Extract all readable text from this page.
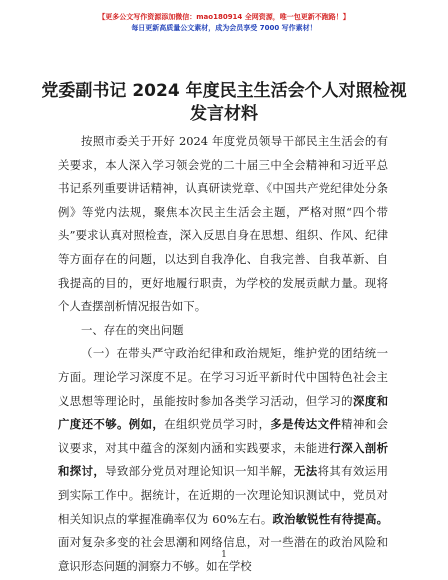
【更多公文写作资源添加微信：mao180914 全网资源，唯一包更新不跑路！】
每日更新高质量公文素材，成为会员享受 7000 写作素材！
党委副书记 2024 年度民主生活会个人对照检视发言材料

按照市委关于开好 2024 年度党员领导干部民主生活会的有关要求，本人深入学习领会党的二十届三中全会精神和习近平总书记系列重要讲话精神，认真研读党章、《中国共产党纪律处分条例》等党内法规，聚焦本次民主生活会主题，严格对照“四个带头”要求认真对照检查，深入反思自身在思想、组织、作风、纪律等方面存在的问题，以达到自我净化、自我完善、自我革新、自我提高的目的，更好地履行职责，为学校的发展贡献力量。现将个人查摆剖析情况报告如下。

一、存在的突出问题

（一）在带头严守政治纪律和政治规矩，维护党的团结统一方面。理论学习深度不足。在学习习近平新时代中国特色社会主义思想等理论时，虽能按时参加各类学习活动，但学习的深度和广度还不够。例如，在组织党员学习时，多是传达文件精神和会议要求，对其中蕴含的深刻内涵和实践要求，未能进行深入剖析和探讨，导致部分党员对理论知识一知半解，无法将其有效运用到实际工作中。据统计，在近期的一次理论知识测试中，党员对相关知识点的掌握准确率仅为 60%左右。政治敏锐性有待提高。面对复杂多变的社会思潮和网络信息，对一些潜在的政治风险和意识形态问题的洞察力不够。如在学校

1
